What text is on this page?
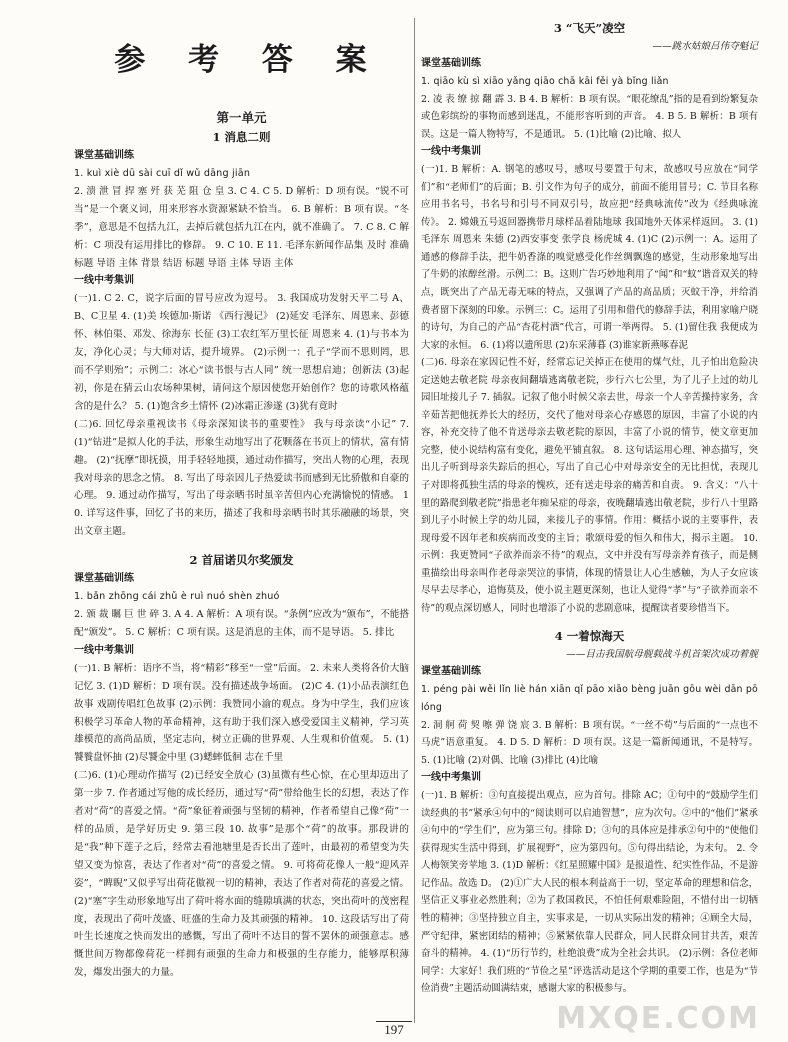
参 考 答 案

第一单元

1 消息二则

课堂基础训练

1. kuì xiè dū sài cuī dǐ wǔ dāng jiān

2. 溃 泄 冒 捍 塞 歼 获 芜 阻 仓 皇 3. C 4. C 5. D 解析：D 项有误。“锐不可当”是一个褒义词，用来形容水资源紧缺不恰当。 6. B 解析：B 项有误。“冬季”，意思是不包括九江，去掉后就包括九江在内，就不准确了。 7. C 8. C 解析：C 项没有运用排比的修辞。 9. C 10. E 11. 毛泽东新闻作品集 及时 准确 标题 导语 主体 背景 结语 标题 导语 主体 导语 主体

一线中考集训

(一)1. C 2. C，说字后面的冒号应改为逗号。 3. 我国成功发射天平二号 A、B、C卫星 4. (1)美 埃德加·斯诺 《西行漫记》 (2)延安 毛泽东、周恩来、彭德怀、林伯渠、邓发、徐海东 长征 (3)工农红军万里长征 周恩来 4. (1)与书本为友，净化心灵；与大师对话，提升境界。 (2)示例一：孔子“学而不思则罔，思而不学则殆”；示例二：冰心“读书恨与古人同” 统一思想启迪；创新法 (3)起初，你是在猜云山农场种果树，请问这个原因使您开始创作？您的诗歌风格蕴含的是什么？ 5. (1)饱含乡土情怀 (2)冰霜正渗遂 (3)犹有竟时

(二)6. 回忆母亲重视读书《母亲深知读书的重要性》 我与母亲读“小记” 7. (1)“钻进”是拟人化的手法，形象生动地写出了花颗落在书页上的情状，富有情趣。 (2)“抚摩”即抚摸，用手轻轻地摸，通过动作描写，突出人物的心理，表现我对母亲的思念之情。 8. 写出了母亲因儿子热爱读书而感到无比骄傲和自豪的心理。 9. 通过动作描写，写出了母亲晒书时虽辛苦但内心充满愉悦的情感。 10. 详写这件事，回忆了书的来历，描述了我和母亲晒书时其乐融融的场景，突出文章主题。

2 首届诺贝尔奖颁发

课堂基础训练

1. bǎn zhōng cái zhǔ è ruì nuó shèn zhuó

2. 颁 裁 瞩 巨 世 碎 3. A 4. A 解析：A 项有误。“条例”应改为“颁布”，不能搭配“颁发”。 5. C 解析：C 项有误。这是消息的主体，而不是导语。 5. 排比

一线中考集训

(一)1. B 解析：语序不当，将“精彩”移至“一堂”后面。 2. 未来人类将各价大脑记忆 3. (1)D 解析：D 项有误。没有描述战争场面。 (2)C 4. (1)小品表演红色故事 戏剧传唱红色故事 (2)示例：我赞同小渝的观点。身为中学生，我们应该积极学习革命人物的革命精神，这有助于我们深入感受爱国主义精神，学习英雄模范的高尚品质，坚定志向，树立正确的世界观、人生观和价值观。 5. (1)饕餮盘怀抽 (2)尽饕金中里 (3)蟋蟀低徊 志在千里

(二)6. (1)心理动作描写 (2)已经安全放心 (3)虽微有些心惊，在心里却迈出了第一步 7. 作者通过写他的成长经历，通过写“荷”带给他生长的幻想，表达了作者对“荷”的喜爱之情。“荷”象征着顽强与坚韧的精神，作者希望自己像“荷”一样的品质，是学好历史 9. 第三段 10. 故事”是那个“荷”的故事。那段讲的是“我”种下莲子之后，经常去看池塘里是否长出了莲叶，由最初的希望变为失望又变为惊喜，表达了作者对“荷”的喜爱之情。 9. 可将荷花像人一般“迎风弄姿”，“睥睨”又似乎写出荷花傲视一切的精神，表达了作者对荷花的喜爱之情。 (2)“塞”字生动形象地写出了荷叶将水面的缝隙填满的状态，突出荷叶的茂密程度，表现出了荷叶茂盛、旺盛的生命力及其顽强的精神。 10. 这段话写出了荷叶生长速度之快而发出的感慨，写出了荷叶不达目的誓不罢休的顽强意志。感慨世间万物都像荷花一样拥有顽强的生命力和极强的生存能力，能够厚积薄发，爆发出强大的力量。

3 “飞天”凌空

——跳水姑娘吕伟夺魁记

课堂基础训练

1. qiāo kù sì xiāo yǎng qiāo chā kāi fěi yà bǐng liǎn

2. 凌 表 缭 掠 翻 霹 3. B 4. B 解析：B 项有误。“眼花缭乱”指的是看到纷繁复杂或色彩缤纷的事物而感到迷乱，不能形容听到的声音。 4. B 5. B 解析：B 项有误。这是一篇人物特写，不是通讯。 5. (1)比喻 (2)比喻、拟人

一线中考集训

(一)1. B 解析：A. 钢笔的感叹号，感叹号要置于句末，故感叹号应放在“同学们”和“老师们”的后面；B. 引文作为句子的成分，前面不能用冒号；C. 节目名称应用书名号，书名号和引号不同双引号，故应把“经典咏流传”改为《经典咏流传》。 2. 嫦娥五号返回器携带月球样品着陆地球 我国地外天体采样返回。 3. (1)毛泽东 周恩来 朱德 (2)西安事变 张学良 杨虎城 4. (1)C (2)示例一：A。运用了通感的修辞手法，把牛奶香涤的嗅觉感受化作丝绸飘逸的感觉，生动形象地写出了牛奶的浓醇丝滑。示例二：B。这则广告巧妙地利用了“闻”和“蚊”谐音双关的特点，既突出了产品无毒无味的特点，又强调了产品的高品质；灭蚊干净，并给消费者留下深刻的印象。示例三：C。运用了引用和借代的修辞手法，利用家喻户晓的诗句，为自己的产品“杏花村酒”代言，可谓一举两得。 5. (1)留住我 我便成为大家的永恒。 6. (1)将以遗所思 (2)东采薄暮 (3)谁家新燕啄春泥

(二)6. 母亲在家因记性不好，经常忘记关掉正在使用的煤气灶，儿子怕出危险决定送她去敬老院 母亲夜间翻墙逃离敬老院，步行六七公里，为了儿子上过的幼儿园旧址接儿子 7. 插叙。记叙了他小时候父亲去世，母亲一个人辛苦操持家务，含辛茹苦把他抚养长大的经历，交代了他对母亲心存感恩的原因，丰富了小说的内容，补充交待了他不肯送母亲去敬老院的原因，丰富了小说的情节，使文章更加完整，使小说结构富有变化，避免平铺直叙。 8. 这句话运用心理、神态描写，突出儿子听到母亲失踪后的担心，写出了自己心中对母亲安全的无比担忧，表现儿子对即将孤独生活的母亲的愧疚，还有送走母亲的痛苦和自责。 9. 含义：“八十里的路爬到敬老院”指患老年痴呆症的母亲，夜晚翻墙逃出敬老院，步行八十里路到儿子小时候上学的幼儿园，来接儿子的事情。作用：概括小说的主要事件，表现母爱不因年老和疾病而改变的主旨；歌颂母爱的恒久和伟大，揭示主题。 10. 示例：我更赞同“子欲养而亲不待”的观点，文中并没有写母亲养育孩子，而是侧重描绘出母亲叫作老母亲哭泣的事情，体现的情景让人心生感触，为人子女应该尽早去尽孝心，追悔莫及，使小说主题更深刻，也让人觉得“孝”与“子欲养而亲不待”的观点深切感人，同时也增添了小说的悲剧意味，提醒读者要珍惜当下。

4 一着惊海天

——目击我国航母舰载战斗机首架次成功着舰

课堂基础训练

1. péng pài wěi lǐn liè hán xiān qǐ pāo xiāo bèng juān gōu wèi dān pō lóng

2. 洞 舸 荷 契 嚓 弹 饶 宸 3. B 解析：B 项有误。“一丝不苟”与后面的“一点也不马虎”语意重复。 4. D 5. D 解析：D 项有误。这是一篇新闻通讯，不是特写。 5. (1)比喻 (2)对偶、比喻 (3)排比 (4)比喻

一线中考集训

(一)1. B 解析：③句直接提出观点，应为首句。排除 AC；①句中的“鼓励学生们读经典的书”紧承④句中的“阅读则可以启迪智慧”，应为次句。②中的“他们”紧承④句中的“学生们”，应为第三句。排除 D；③句的具体应是排承②句中的“使他们获得现实生活中得到，扩展视野”，应为第四句。⑤句得出结论，为末句。 2. 令人梅领笑旁苹地 3. (1)D 解析：《红星照耀中国》是报道性、纪实性作品，不是游记作品。故选 D。 (2)①广大人民的根本利益高于一切，坚定革命的理想和信念，坚信正义事业必然胜利；②为了救国救民，不怕任何艰难险阻，不惜付出一切牺牲的精神；③坚持独立自主，实事求是，一切从实际出发的精神；④顾全大局，严守纪律，紧密团结的精神；⑤紧紧依靠人民群众，同人民群众同甘共苦，艰苦奋斗的精神。 4. (1)“历行节约，杜绝浪费”成为全社会共识。 (2)示例：各位老师同学：大家好！我们班的“节俭之星”评选活动是这个学期的重要工作，也是为“节俭消费”主题活动圆满结束，感谢大家的积极参与。

197	MXQE.COM
